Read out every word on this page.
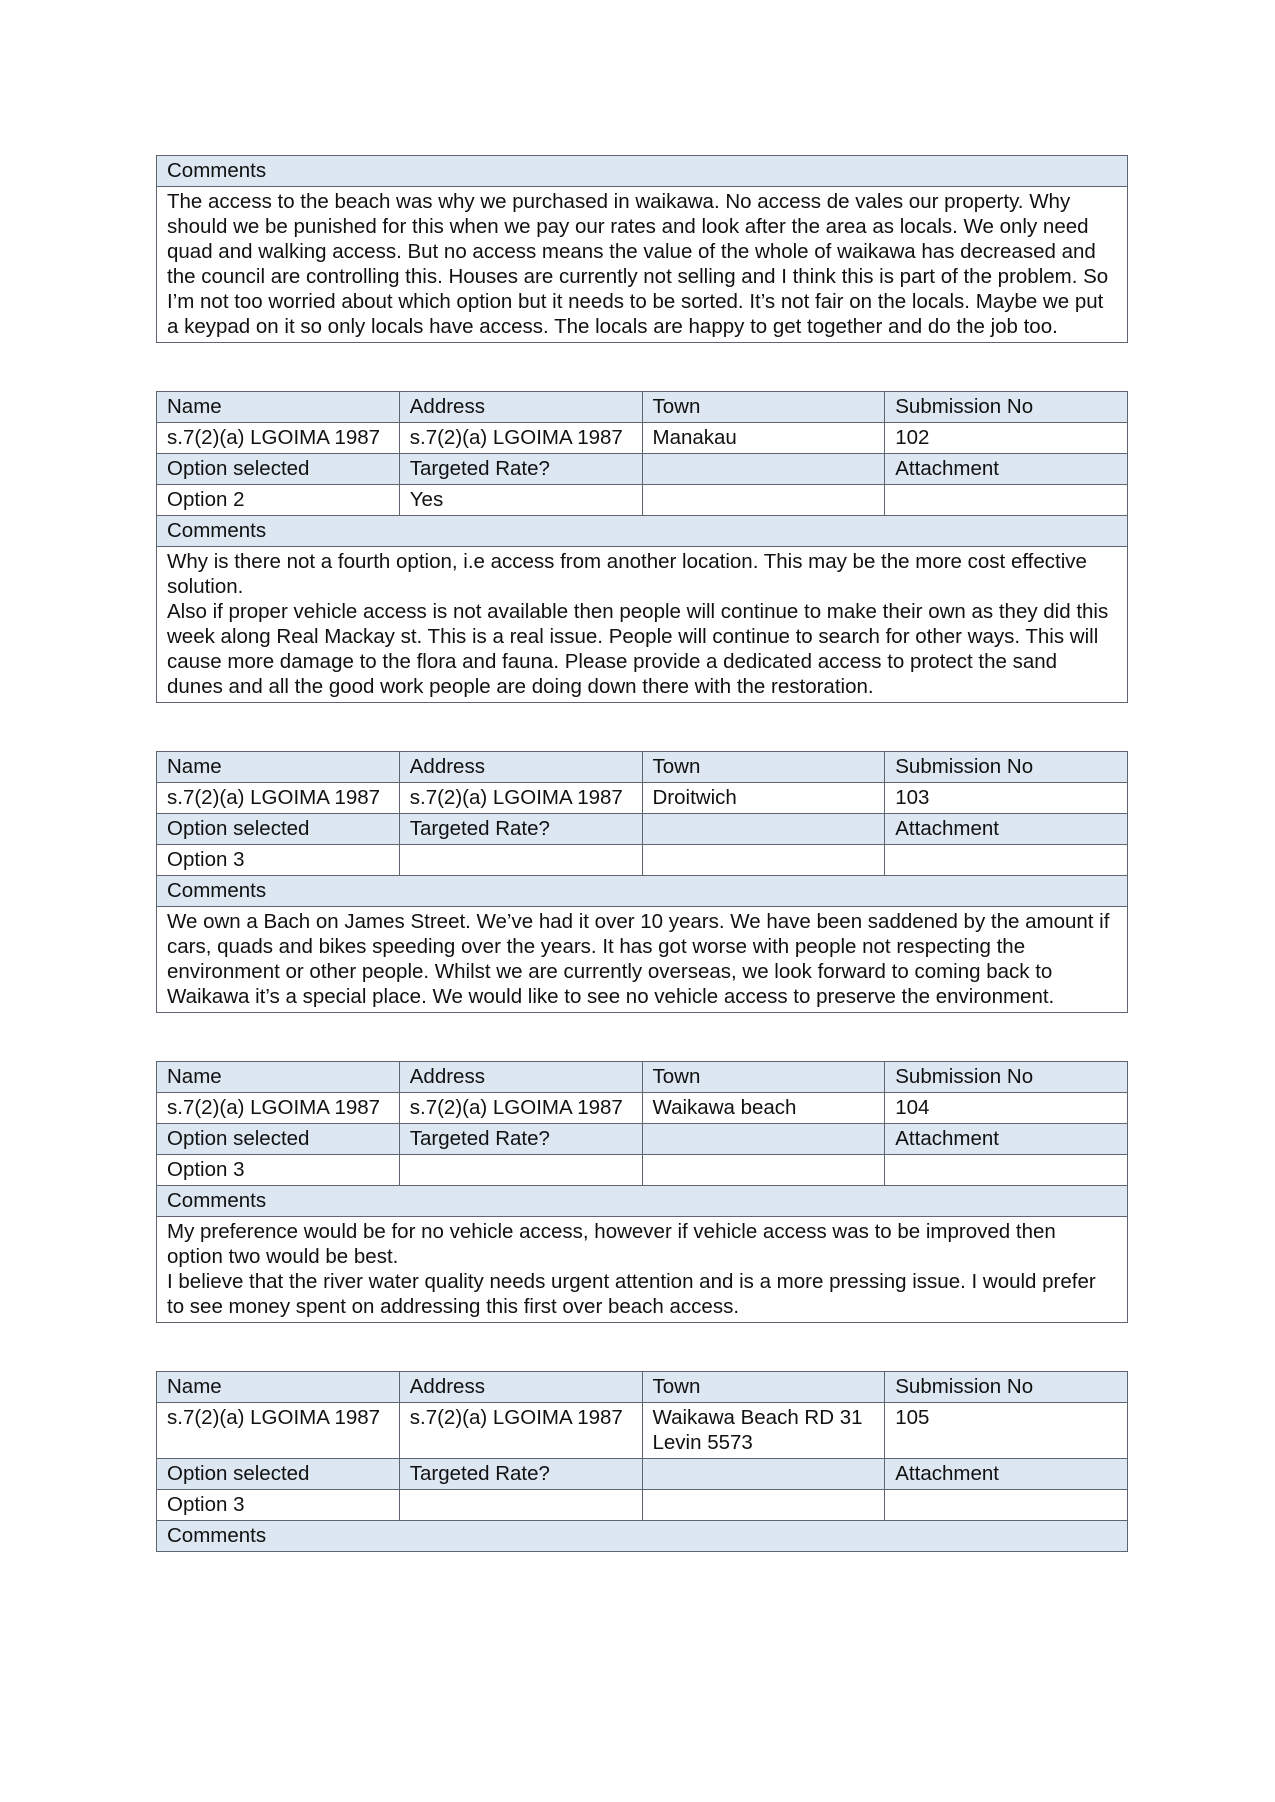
Comments

The access to the beach was why we purchased in waikawa. No access de vales our property. Why should we be punished for this when we pay our rates and look after the area as locals. We only need quad and walking access. But no access means the value of the whole of waikawa has decreased and the council are controlling this. Houses are currently not selling and I think this is part of the problem. So I’m not too worried about which option but it needs to be sorted. It’s not fair on the locals. Maybe we put a keypad on it so only locals have access. The locals are happy to get together and do the job too.

Name	Address	Town	Submission No
s.7(2)(a) LGOIMA 1987	s.7(2)(a) LGOIMA 1987	Manakau	102
Option selected	Targeted Rate?		Attachment
Option 2	Yes		
Comments			

Why is there not a fourth option, i.e access from another location. This may be the more cost effective solution.

Also if proper vehicle access is not available then people will continue to make their own as they did this week along Real Mackay st. This is a real issue. People will continue to search for other ways. This will cause more damage to the flora and fauna. Please provide a dedicated access to protect the sand dunes and all the good work people are doing down there with the restoration.			

Name	Address	Town	Submission No
s.7(2)(a) LGOIMA 1987	s.7(2)(a) LGOIMA 1987	Droitwich	103
Option selected	Targeted Rate?		Attachment
Option 3			
Comments			

We own a Bach on James Street. We’ve had it over 10 years. We have been saddened by the amount if cars, quads and bikes speeding over the years. It has got worse with people not respecting the environment or other people. Whilst we are currently overseas, we look forward to coming back to Waikawa it’s a special place. We would like to see no vehicle access to preserve the environment.			

Name	Address	Town	Submission No
s.7(2)(a) LGOIMA 1987	s.7(2)(a) LGOIMA 1987	Waikawa beach	104
Option selected	Targeted Rate?		Attachment
Option 3			
Comments			

My preference would be for no vehicle access, however if vehicle access was to be improved then option two would be best.

I believe that the river water quality needs urgent attention and is a more pressing issue. I would prefer to see money spent on addressing this first over beach access.			

Name	Address	Town	Submission No
s.7(2)(a) LGOIMA 1987	s.7(2)(a) LGOIMA 1987	Waikawa Beach RD 31
Levin 5573	105
Option selected	Targeted Rate?		Attachment
Option 3			
Comments			
